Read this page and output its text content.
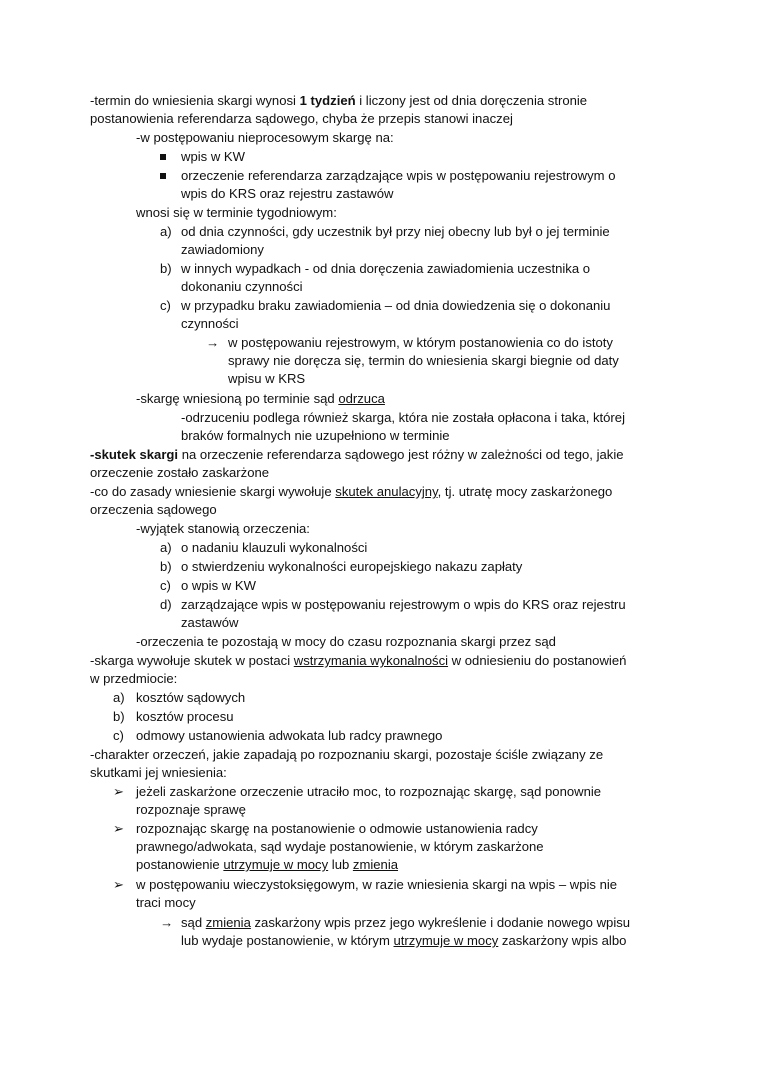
-termin do wniesienia skargi wynosi 1 tydzień i liczony jest od dnia doręczenia stronie
postanowienia referendarza sądowego, chyba że przepis stanowi inaczej
-w postępowaniu nieprocesowym skargę na:
wpis w KW
orzeczenie referendarza zarządzające wpis w postępowaniu rejestrowym o
wpis do KRS oraz rejestru zastawów
wnosi się w terminie tygodniowym:
a) od dnia czynności, gdy uczestnik był przy niej obecny lub był o jej terminie
zawiadomiony
b) w innych wypadkach - od dnia doręczenia zawiadomienia uczestnika o
dokonaniu czynności
c) w przypadku braku zawiadomienia – od dnia dowiedzenia się o dokonaniu
czynności
→ w postępowaniu rejestrowym, w którym postanowienia co do istoty
sprawy nie doręcza się, termin do wniesienia skargi biegnie od daty
wpisu w KRS
-skargę wniesioną po terminie sąd odrzuca
-odrzuceniu podlega również skarga, która nie została opłacona i taka, której
braków formalnych nie uzupełniono w terminie
-skutek skargi na orzeczenie referendarza sądowego jest różny w zależności od tego, jakie
orzeczenie zostało zaskarżone
-co do zasady wniesienie skargi wywołuje skutek anulacyjny, tj. utratę mocy zaskarżonego
orzeczenia sądowego
-wyjątek stanowią orzeczenia:
a) o nadaniu klauzuli wykonalności
b) o stwierdzeniu wykonalności europejskiego nakazu zapłaty
c) o wpis w KW
d) zarządzające wpis w postępowaniu rejestrowym o wpis do KRS oraz rejestru
zastawów
-orzeczenia te pozostają w mocy do czasu rozpoznania skargi przez sąd
-skarga wywołuje skutek w postaci wstrzymania wykonalności w odniesieniu do postanowień
w przedmiocie:
a) kosztów sądowych
b) kosztów procesu
c) odmowy ustanowienia adwokata lub radcy prawnego
-charakter orzeczeń, jakie zapadają po rozpoznaniu skargi, pozostaje ściśle związany ze
skutkami jej wniesienia:
➢ jeżeli zaskarżone orzeczenie utraciło moc, to rozpoznając skargę, sąd ponownie
rozpoznaje sprawę
➢ rozpoznając skargę na postanowienie o odmowie ustanowienia radcy
prawnego/adwokata, sąd wydaje postanowienie, w którym zaskarżone
postanowienie utrzymuje w mocy lub zmienia
➢ w postępowaniu wieczystoksięgowym, w razie wniesienia skargi na wpis – wpis nie
traci mocy
→ sąd zmienia zaskarżony wpis przez jego wykreślenie i dodanie nowego wpisu
lub wydaje postanowienie, w którym utrzymuje w mocy zaskarżony wpis albo
